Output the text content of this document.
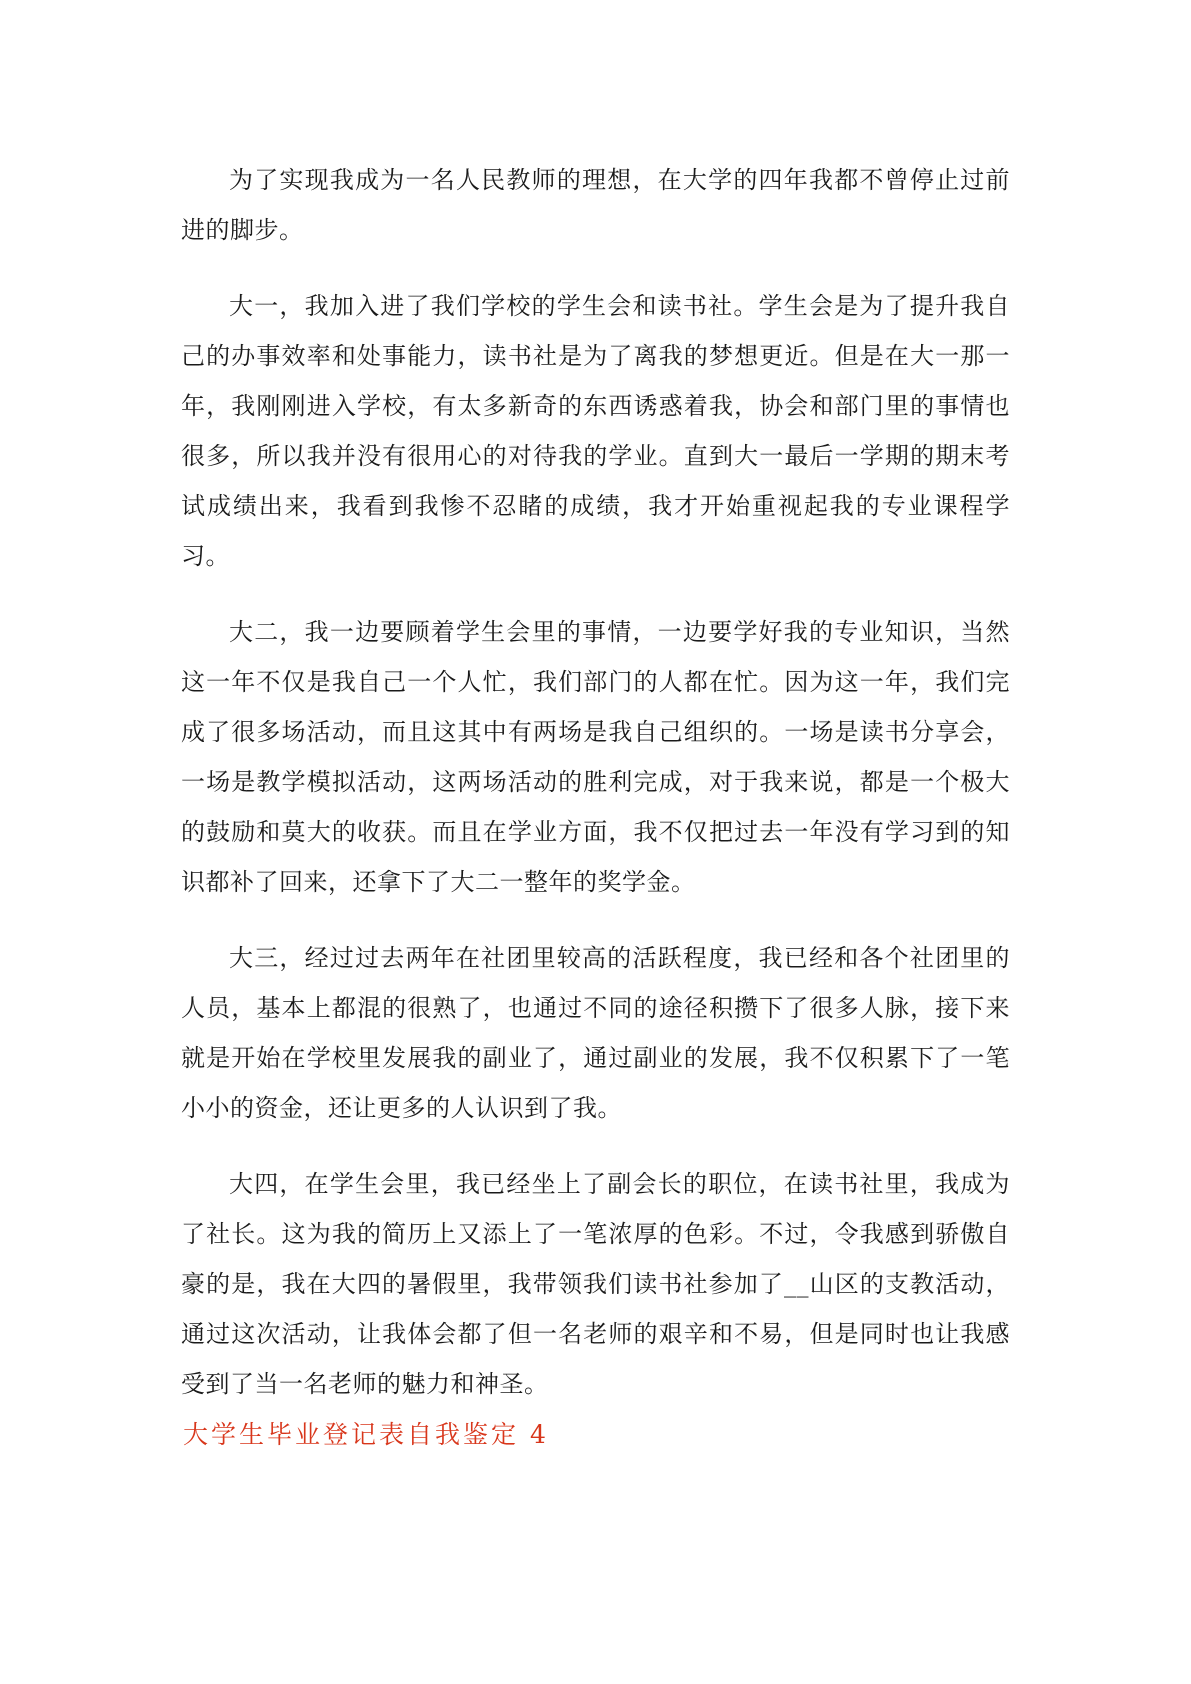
为了实现我成为一名人民教师的理想，在大学的四年我都不曾停止过前进的脚步。

大一，我加入进了我们学校的学生会和读书社。学生会是为了提升我自己的办事效率和处事能力，读书社是为了离我的梦想更近。但是在大一那一年，我刚刚进入学校，有太多新奇的东西诱惑着我，协会和部门里的事情也很多，所以我并没有很用心的对待我的学业。直到大一最后一学期的期末考试成绩出来，我看到我惨不忍睹的成绩，我才开始重视起我的专业课程学习。

大二，我一边要顾着学生会里的事情，一边要学好我的专业知识，当然这一年不仅是我自己一个人忙，我们部门的人都在忙。因为这一年，我们完成了很多场活动，而且这其中有两场是我自己组织的。一场是读书分享会，一场是教学模拟活动，这两场活动的胜利完成，对于我来说，都是一个极大的鼓励和莫大的收获。而且在学业方面，我不仅把过去一年没有学习到的知识都补了回来，还拿下了大二一整年的奖学金。

大三，经过过去两年在社团里较高的活跃程度，我已经和各个社团里的人员，基本上都混的很熟了，也通过不同的途径积攒下了很多人脉，接下来就是开始在学校里发展我的副业了，通过副业的发展，我不仅积累下了一笔小小的资金，还让更多的人认识到了我。

大四，在学生会里，我已经坐上了副会长的职位，在读书社里，我成为了社长。这为我的简历上又添上了一笔浓厚的色彩。不过，令我感到骄傲自豪的是，我在大四的暑假里，我带领我们读书社参加了__山区的支教活动，通过这次活动，让我体会都了但一名老师的艰辛和不易，但是同时也让我感受到了当一名老师的魅力和神圣。

大学生毕业登记表自我鉴定 4
